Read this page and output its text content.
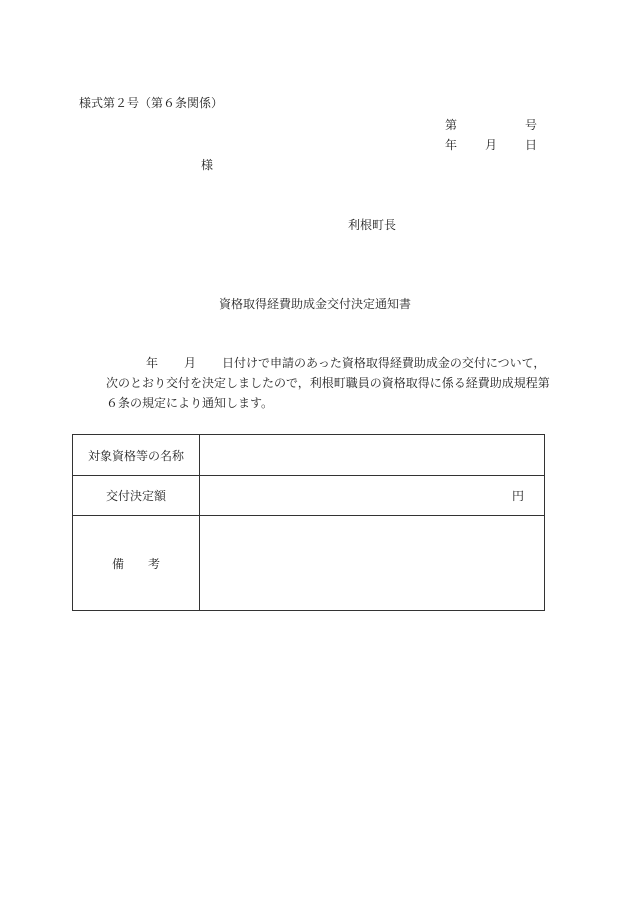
様式第２号（第６条関係）
第	号
年 月 日
様
利根町長
資格取得経費助成金交付決定通知書
年 月 日付けで申請のあった資格取得経費助成金の交付について，次のとおり交付を決定しましたので，利根町職員の資格取得に係る経費助成規程第６条の規定により通知します。
対象資格等の名称	
交付決定額	円
備考	
